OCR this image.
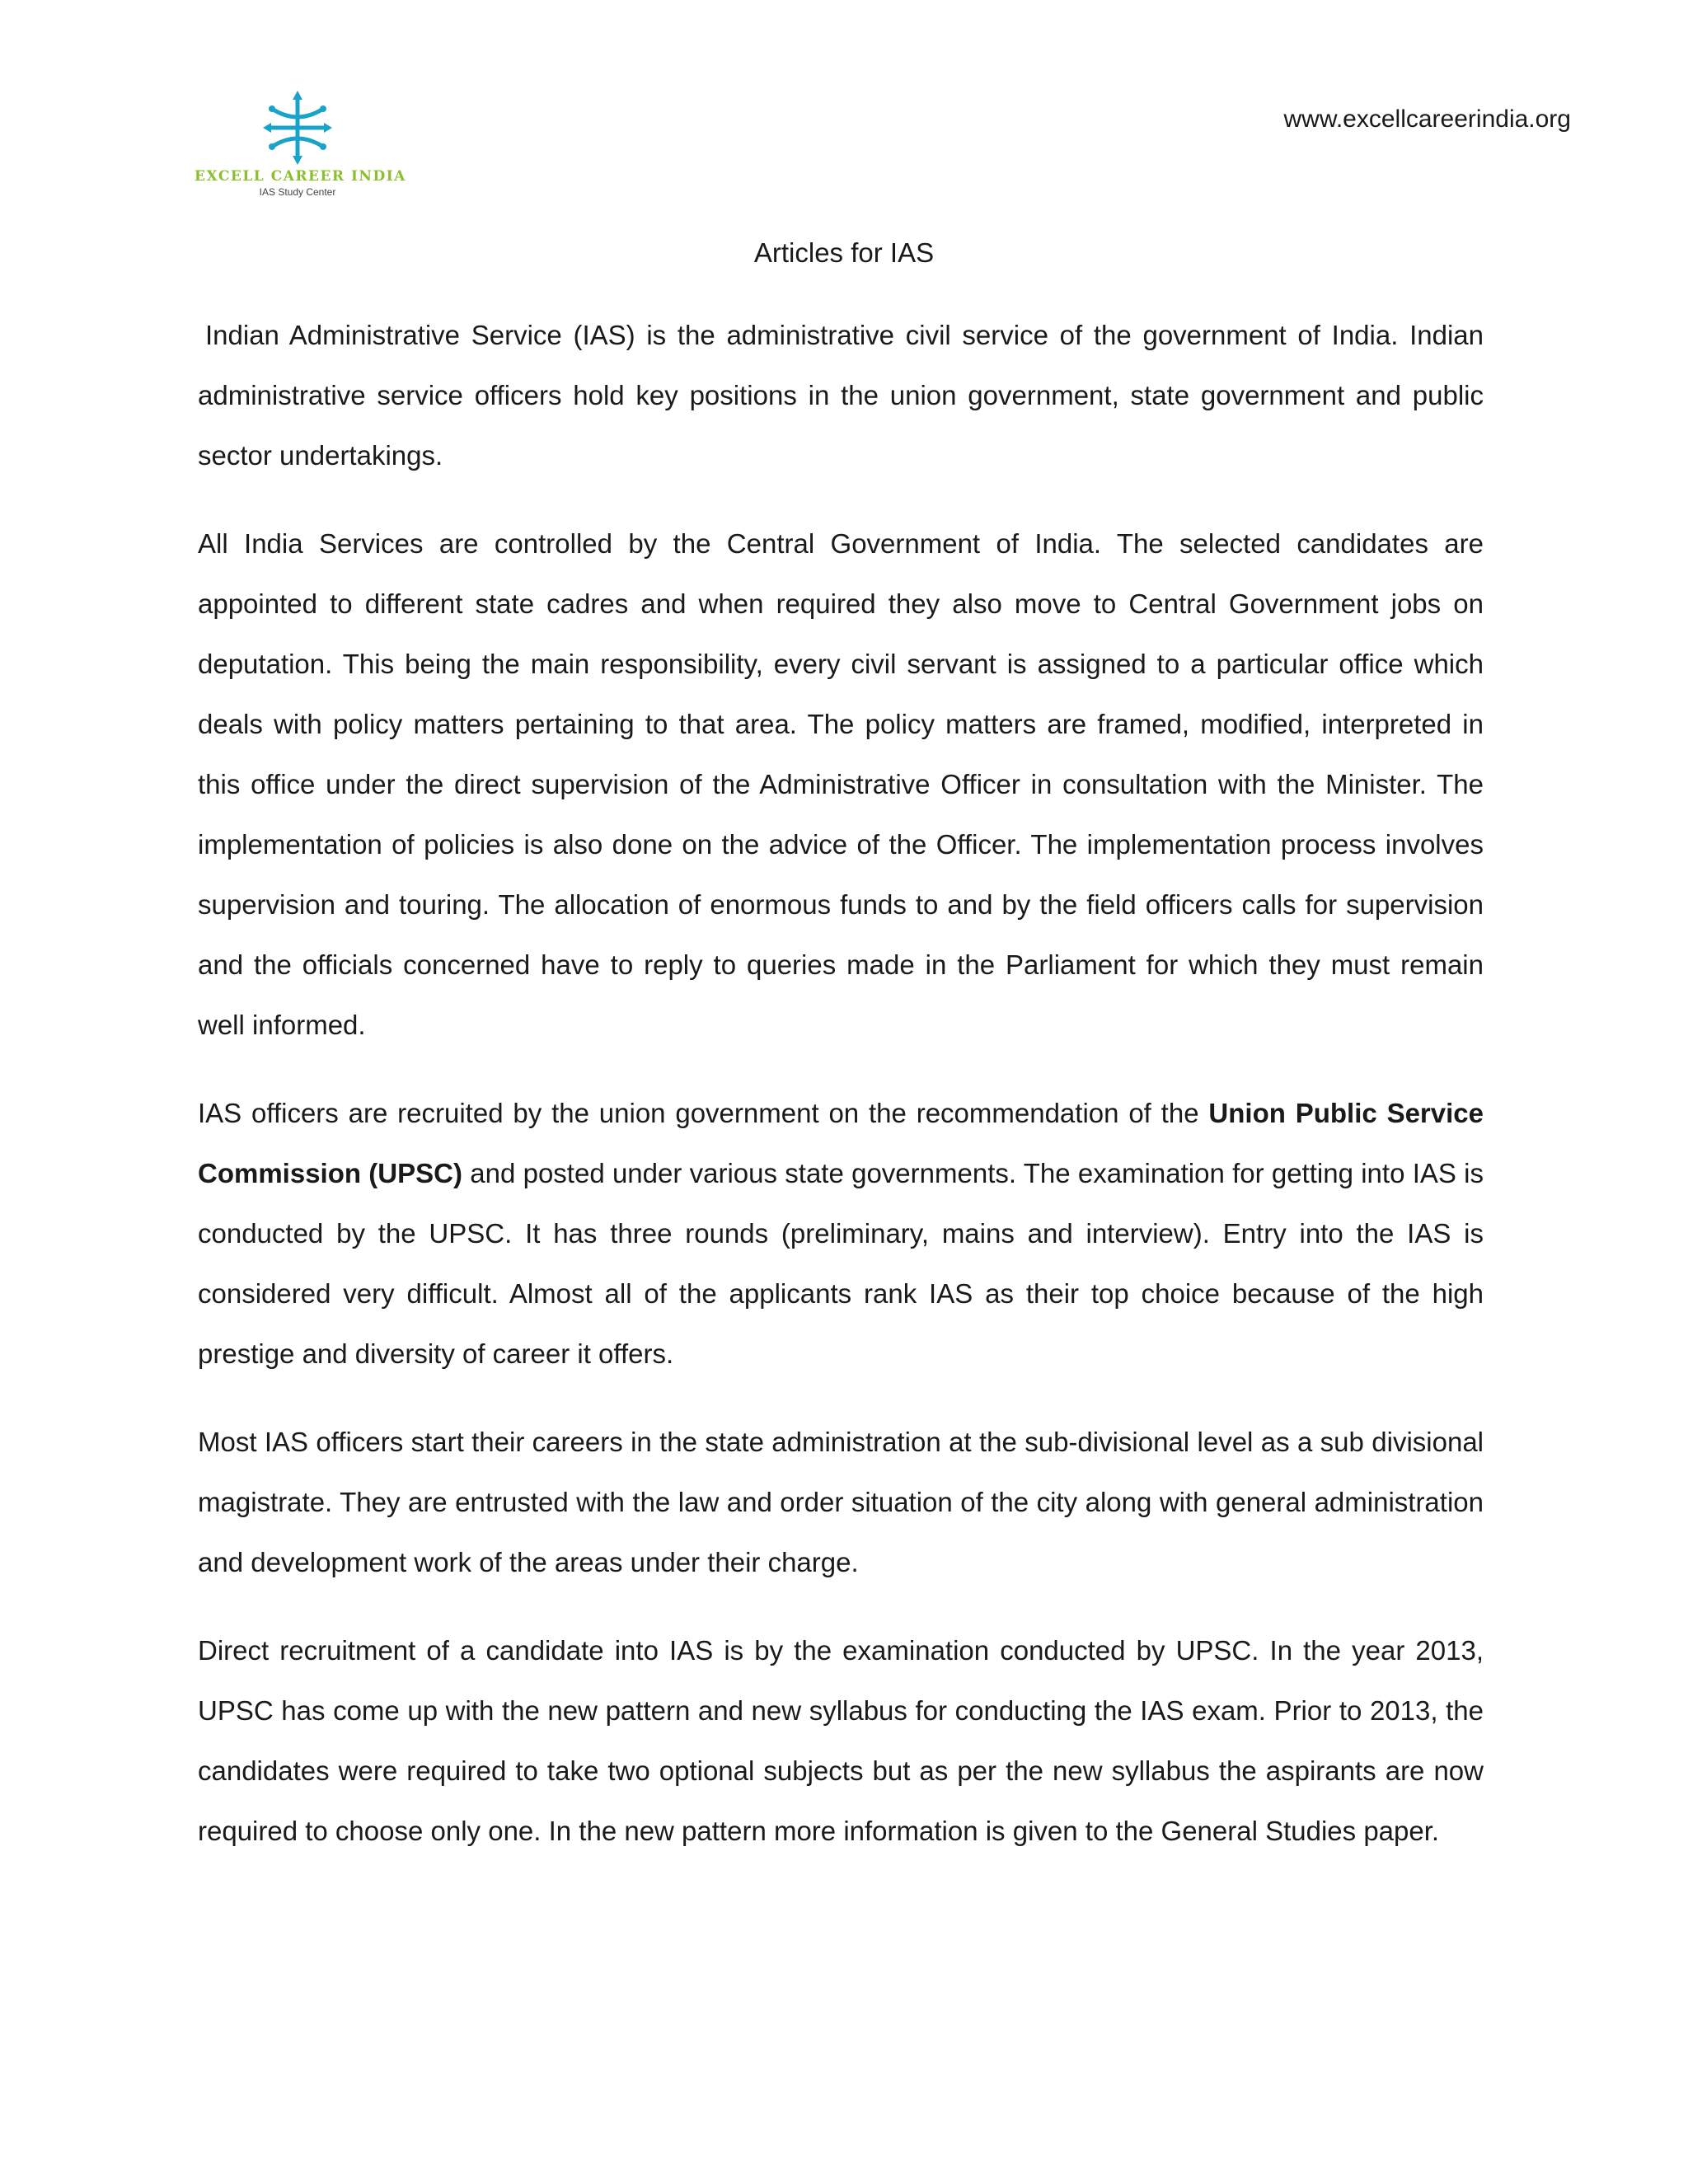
EXCELL CAREER INDIA
IAS Study Center
www.excellcareerindia.org
Articles for IAS

Indian Administrative Service (IAS) is the administrative civil service of the government of India. Indian administrative service officers hold key positions in the union government, state government and public sector undertakings.

All India Services are controlled by the Central Government of India. The selected candidates are appointed to different state cadres and when required they also move to Central Government jobs on deputation. This being the main responsibility, every civil servant is assigned to a particular office which deals with policy matters pertaining to that area. The policy matters are framed, modified, interpreted in this office under the direct supervision of the Administrative Officer in consultation with the Minister. The implementation of policies is also done on the advice of the Officer. The implementation process involves supervision and touring. The allocation of enormous funds to and by the field officers calls for supervision and the officials concerned have to reply to queries made in the Parliament for which they must remain well informed.

IAS officers are recruited by the union government on the recommendation of the Union Public Service Commission (UPSC) and posted under various state governments. The examination for getting into IAS is conducted by the UPSC. It has three rounds (preliminary, mains and interview). Entry into the IAS is considered very difficult. Almost all of the applicants rank IAS as their top choice because of the high prestige and diversity of career it offers.

Most IAS officers start their careers in the state administration at the sub-divisional level as a sub divisional magistrate. They are entrusted with the law and order situation of the city along with general administration and development work of the areas under their charge.

Direct recruitment of a candidate into IAS is by the examination conducted by UPSC. In the year 2013, UPSC has come up with the new pattern and new syllabus for conducting the IAS exam. Prior to 2013, the candidates were required to take two optional subjects but as per the new syllabus the aspirants are now required to choose only one. In the new pattern more information is given to the General Studies paper.
